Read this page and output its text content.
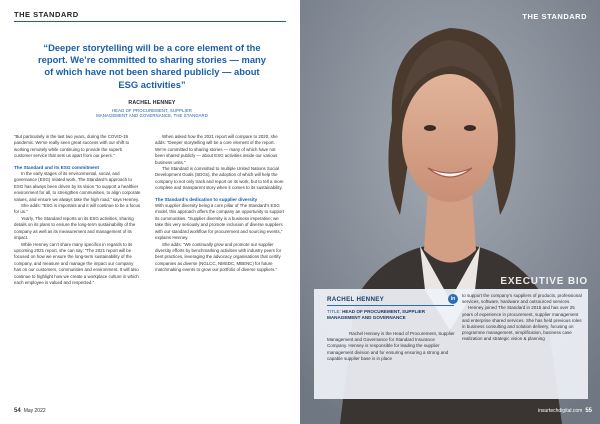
THE STANDARD
“Deeper storytelling will be a core element of the report. We’re committed to sharing stories — many of which have not been shared publicly — about ESG activities”
RACHEL HENNEY
HEAD OF PROCUREMENT, SUPPLIER MANAGEMENT AND GOVERNANCE, THE STANDARD

“But particularly in the last two years, during the COVID-19 pandemic. We’ve really seen great success with our shift to working remotely while continuing to provide the superb customer service that sets us apart from our peers.”

The Standard and its ESG commitment

In the early stages of its environmental, social, and governance (ESG) related work, The Standard’s approach to ESG has always been driven by its vision “to support a healthier environment for all, to strengthen communities, to align corporate values, and ensure we always take the high road,” says Henney.

She adds: “ESG is important and it will continue to be a focus for us.”

Yearly, The Standard reports on its ESG activities, sharing details on its plans to ensure the long-term sustainability of the company as well as its measurement and management of its impact.

While Henney can’t share many specifics in regards to its upcoming 2021 report, she can say: “The 2021 report will be focused on how we ensure the long-term sustainability of the company, and measure and manage the impact our company has on our customers, communities and environment. It will also continue to highlight how we create a workplace culture in which each employee is valued and respected.”

When asked how the 2021 report will compare to 2020, she adds: “Deeper storytelling will be a core element of the report. We’re committed to sharing stories — many of which have not been shared publicly — about ESG activities inside our various business units.”

The Standard is committed to multiple United Nations Social Development Goals (SDGs), the adoption of which will help the company to not only track and report on its work, but to tell a more complete and transparent story when it comes to its sustainability.

The Standard’s dedication to supplier diversity

With supplier diversity being a core pillar of The Standard’s ESG model, this approach offers the company an opportunity to support its communities. “Supplier diversity is a business imperative; we take this very seriously and promote inclusion of diverse suppliers with our standard workflow for procurement and sourcing events,” explains Henney.

She adds: “We continually grow and promote our supplier diversity efforts by benchmarking activities with industry peers for best practices, leveraging the advocacy organisations that certify companies as diverse (NGLCC, NMSDC, MBENC) for future matchmaking events to grow our portfolio of diverse suppliers.”

54 May 2022
THE STANDARD
EXECUTIVE BIO
RACHEL HENNEY	in
TITLE: HEAD OF PROCUREMENT, SUPPLIER MANAGEMENT AND GOVERNANCE

Rachel Henney is the Head of Procurement, Supplier Management and Governance for Standard Insurance Company. Henney is responsible for leading the supplier management division and for ensuring ensuring a strong and capable supplier base is in place

to support the company’s suppliers of products, professional services, software, hardware and outsourced services.

Henney joined The Standard in 2015 and has over 25 years of experience in procurement, supplier management and enterprise shared services. She has held previous roles in business consulting and solution delivery, focusing on programme management, simplification, business case realization and strategic vision & planning

insurtechdigital.com 55
